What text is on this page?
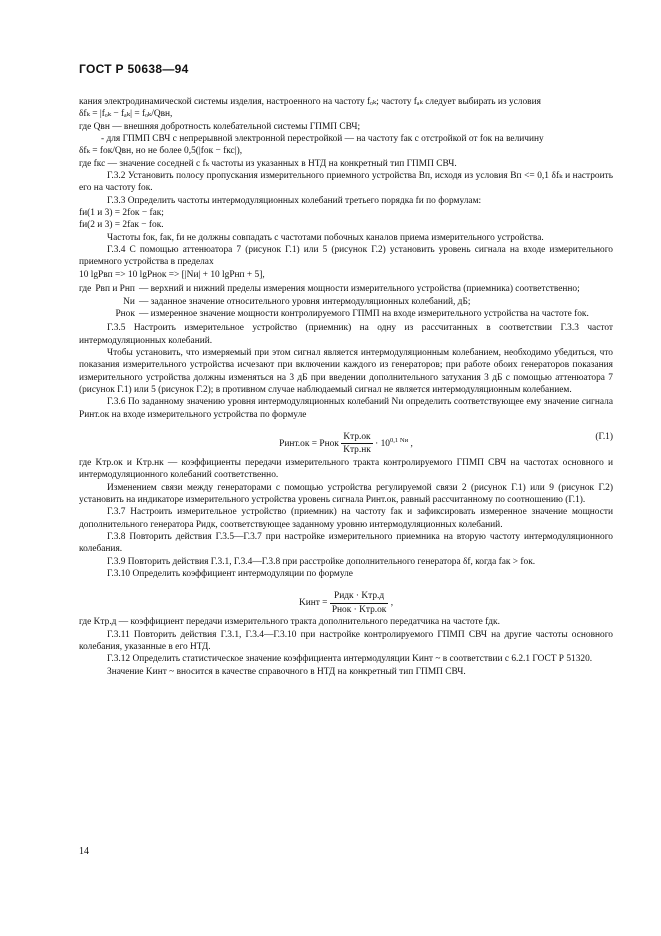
ГОСТ Р 50638—94

кания электродинамической системы изделия, настроенного на частоту fₒₖ; частоту fₐₖ следует выбирать из условия

δfₖ = |fₒₖ − fₐₖ| = fₒₖ/Qвн,

где Qвн — внешняя добротность колебательной системы ГПМП СВЧ;

- для ГПМП СВЧ с непрерывной электронной перестройкой — на частоту fак с отстройкой от fок на величину

δfₖ = fок/Qвн, но не более 0,5(|fок − fкс|),

где fкс — значение соседней с fₖ частоты из указанных в НТД на конкретный тип ГПМП СВЧ.

Г.3.2 Установить полосу пропускания измерительного приемного устройства Bп, исходя из условия Bп <= 0,1 δfₖ и настроить его на частоту fок.

Г.3.3 Определить частоты интермодуляционных колебаний третьего порядка fи по формулам:

fи(1 и 3) = 2fок − fак;

fи(2 и 3) = 2fак − fок.

Частоты fок, fак, fи не должны совпадать с частотами побочных каналов приема измерительного устройства.

Г.3.4 С помощью аттенюатора 7 (рисунок Г.1) или 5 (рисунок Г.2) установить уровень сигнала на входе измерительного приемного устройства в пределах

10 lgPвп => 10 lgPнок => [|Nи| + 10 lgPнп + 5],

где Pвп и Pнп — верхний и нижний пределы измерения мощности измерительного устройства (приемника) соответственно;
Nи — заданное значение относительного уровня интермодуляционных колебаний, дБ;
Pнок — измеренное значение мощности контролируемого ГПМП на входе измерительного устройства на частоте fок.

Г.3.5 Настроить измерительное устройство (приемник) на одну из рассчитанных в соответствии Г.3.3 частот интермодуляционных колебаний.

Чтобы установить, что измеряемый при этом сигнал является интермодуляционным колебанием, необходимо убедиться, что показания измерительного устройства исчезают при включении каждого из генераторов; при работе обоих генераторов показания измерительного устройства должны изменяться на 3 дБ при введении дополнительного затухания 3 дБ с помощью аттенюатора 7 (рисунок Г.1) или 5 (рисунок Г.2); в противном случае наблюдаемый сигнал не является интермодуляционным колебанием.

Г.3.6 По заданному значению уровня интермодуляционных колебаний Nи определить соответствующее ему значение сигнала Pинт.ок на входе измерительного устройства по формуле

Pинт.ок = Pнок $\frac{\text{Kтр.ок}}{\text{Kтр.нк}} \cdot 10^{0,1 Nи}$ ,
(Г.1)

где Kтр.ок и Kтр.нк — коэффициенты передачи измерительного тракта контролируемого ГПМП СВЧ на частотах основного и интермодуляционного колебаний соответственно.

Изменением связи между генераторами с помощью устройства регулируемой связи 2 (рисунок Г.1) или 9 (рисунок Г.2) установить на индикаторе измерительного устройства уровень сигнала Pинт.ок, равный рассчитанному по соотношению (Г.1).

Г.3.7 Настроить измерительное устройство (приемник) на частоту fак и зафиксировать измеренное значение мощности дополнительного генератора Pидк, соответствующее заданному уровню интермодуляционных колебаний.

Г.3.8 Повторить действия Г.3.5—Г.3.7 при настройке измерительного приемника на вторую частоту интермодуляционного колебания.

Г.3.9 Повторить действия Г.3.1, Г.3.4—Г.3.8 при расстройке дополнительного генератора δf, когда fак > fок.

Г.3.10 Определить коэффициент интермодуляции по формуле

Kинт = $\frac{\text{Pидк · Kтр.д}}{\text{Pнок · Kтр.ок}}$ ,

где Kтр.д — коэффициент передачи измерительного тракта дополнительного передатчика на частоте fдк.

Г.3.11 Повторить действия Г.3.1, Г.3.4—Г.3.10 при настройке контролируемого ГПМП СВЧ на другие частоты основного колебания, указанные в его НТД.

Г.3.12 Определить статистическое значение коэффициента интермодуляции Kинт ~ в соответствии с 6.2.1 ГОСТ Р 51320.

Значение Kинт ~ вносится в качестве справочного в НТД на конкретный тип ГПМП СВЧ.

14
